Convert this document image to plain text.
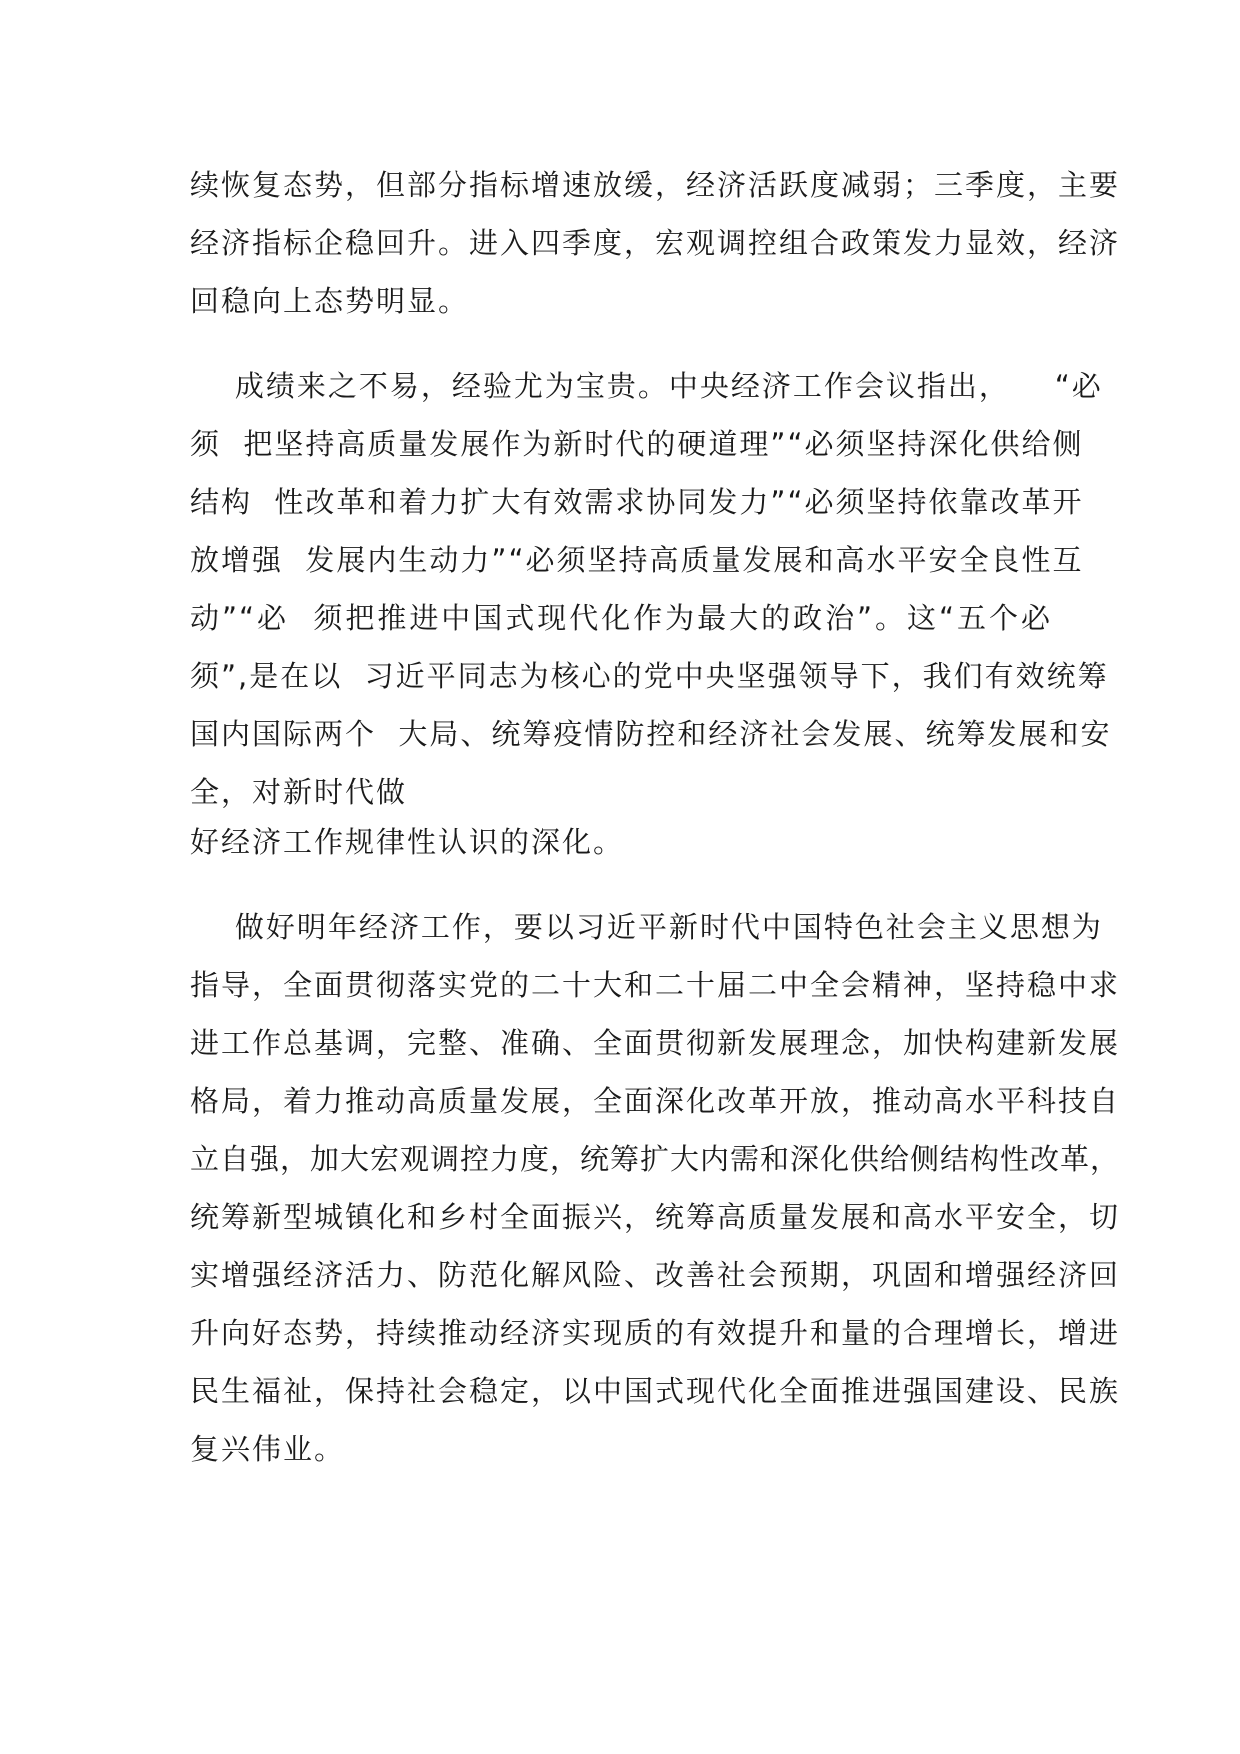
续恢复态势，但部分指标增速放缓，经济活跃度减弱；三季度，主要
经济指标企稳回升。进入四季度，宏观调控组合政策发力显效，经济
回稳向上态势明显。
成绩来之不易，经验尤为宝贵。中央经济工作会议指出，    “必
须  把坚持高质量发展作为新时代的硬道理”“必须坚持深化供给侧
结构  性改革和着力扩大有效需求协同发力”“必须坚持依靠改革开
放增强  发展内生动力”“必须坚持高质量发展和高水平安全良性互
动”“必  须把推进中国式现代化作为最大的政治”。这“五个必
须”,是在以  习近平同志为核心的党中央坚强领导下，我们有效统筹
国内国际两个  大局、统筹疫情防控和经济社会发展、统筹发展和安
全，对新时代做
好经济工作规律性认识的深化。
做好明年经济工作，要以习近平新时代中国特色社会主义思想为
指导，全面贯彻落实党的二十大和二十届二中全会精神，坚持稳中求
进工作总基调，完整、准确、全面贯彻新发展理念，加快构建新发展
格局，着力推动高质量发展，全面深化改革开放，推动高水平科技自
立自强，加大宏观调控力度，统筹扩大内需和深化供给侧结构性改革，
统筹新型城镇化和乡村全面振兴，统筹高质量发展和高水平安全，切
实增强经济活力、防范化解风险、改善社会预期，巩固和增强经济回
升向好态势，持续推动经济实现质的有效提升和量的合理增长，增进
民生福祉，保持社会稳定，以中国式现代化全面推进强国建设、民族
复兴伟业。
